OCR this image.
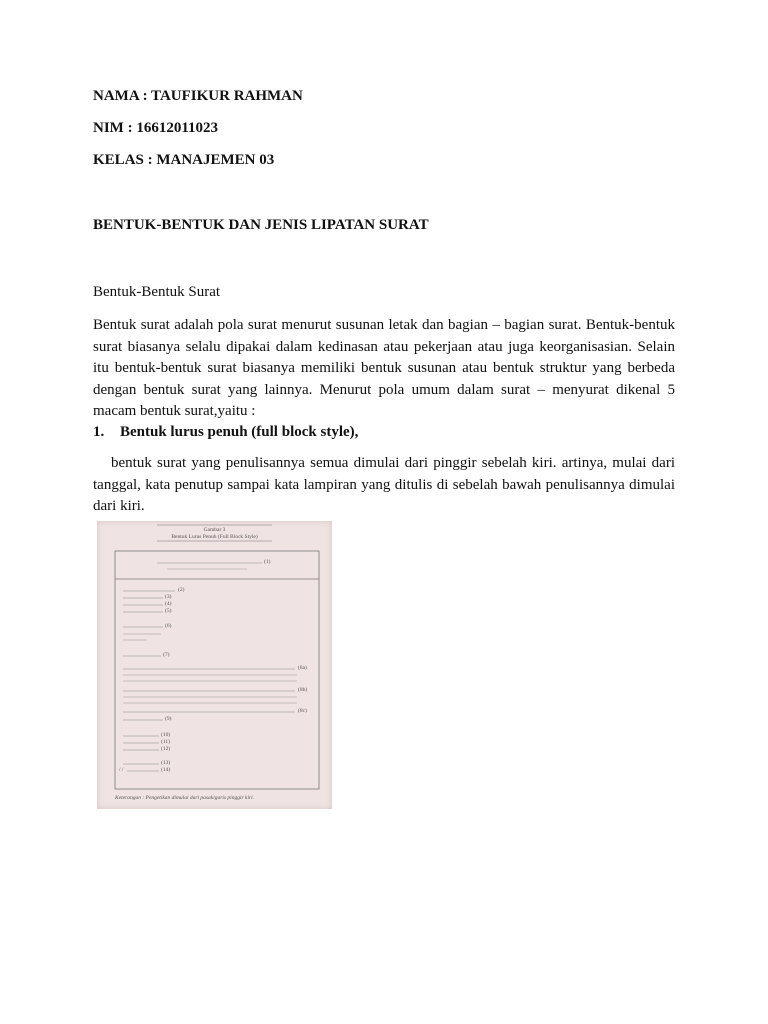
NAMA : TAUFIKUR RAHMAN
NIM : 16612011023
KELAS : MANAJEMEN 03
BENTUK-BENTUK DAN JENIS LIPATAN SURAT
Bentuk-Bentuk Surat
Bentuk surat adalah pola surat menurut susunan letak dan bagian – bagian surat. Bentuk-bentuk surat biasanya selalu dipakai dalam kedinasan atau pekerjaan atau juga keorganisasian. Selain itu bentuk-bentuk surat biasanya memiliki bentuk susunan atau bentuk struktur yang berbeda dengan bentuk surat yang lainnya. Menurut pola umum dalam surat – menyurat dikenal 5 macam bentuk surat,yaitu :
1. Bentuk lurus penuh (full block style),
bentuk surat yang penulisannya semua dimulai dari pinggir sebelah kiri. artinya, mulai dari tanggal, kata penutup sampai kata lampiran yang ditulis di sebelah bawah penulisannya dimulai dari kiri.
Gambar 3
Bentuk Lurus Penuh (Full Block Style)
(1)
(2)
(3)
(4)
(5)
(6)
(7)
(8a)
(8b)
(8c)
(9)
(10)
(11)
(12)
(13)
(14)
/ /
Keterangan : Pengetikan dimulai dari pasak/garis pinggir kiri.
